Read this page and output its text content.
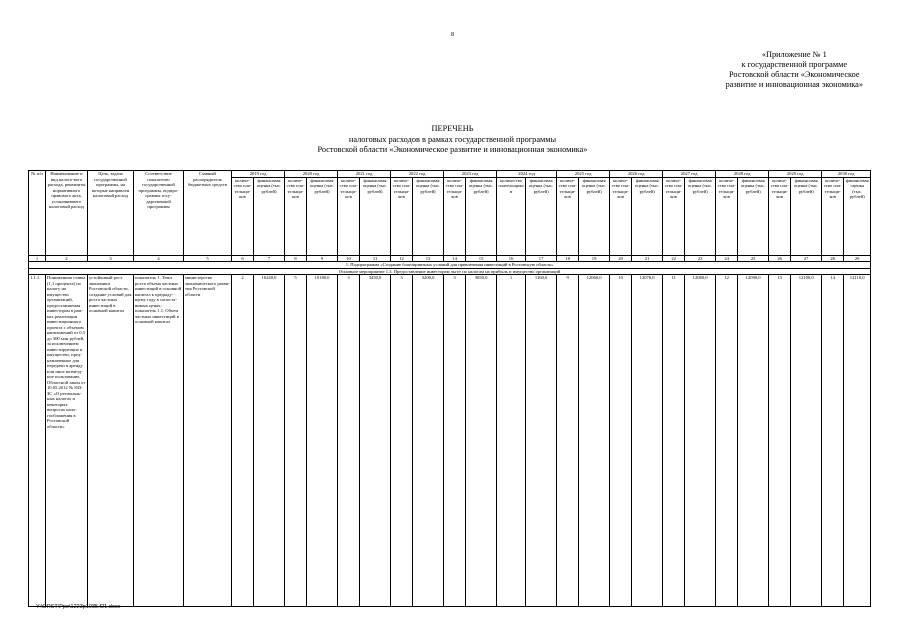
8
«Приложение № 1
к государственной программе
Ростовской области «Экономическое
развитие и инновационная экономика»
ПЕРЕЧЕНЬ
налоговых расходов в рамках государственной программы
Ростовской области «Экономическое развитие и инновационная экономика»
№ п/п	Наименование и вид налого-вого расхода, реквизиты нормативного правового акта, установившего налоговый расход	Цель, задача государственной программы, на которые направлен налоговый расход	Соответствие показателю государственной программы, подпрограммы государственной программы	Главный распорядитель бюджетных средств	2019 год		2020 год		2021 год		2022 год		2023 год		2024 год		2025 год		2026 год		2027 год		2028 год		2029 год		2030 год	
					количество плательщиков	финансовая оценка (тыс. рублей)	количество плательщиков	финансовая оценка (тыс. рублей)	количество плательщиков	финансовая оценка (тыс. рублей)	количество плательщиков	финансовая оценка (тыс. рублей)	количество плательщиков	финансовая оценка (тыс. рублей)	количество плательщиков	финансовая оценка (тыс. рублей)	количество плательщиков	финансовая оценка (тыс. рублей)	количество плательщиков	финансовая оценка (тыс. рублей)	количество плательщиков	финансовая оценка (тыс. рублей)	количество плательщиков	финансовая оценка (тыс. рублей)	количество плательщиков	финансовая оценка (тыс. рублей)	количество плательщиков	финансовая оценка (тыс. рублей)
1	2	3	4	5	6	7	8	9	10	11	12	13	14	15	16	17	18	19	20	21	22	23	24	25	26	27	28	29
1. Подпрограмма «Создание благоприятных условий для привлечения инвестиций в Ростовскую область»																												
Основное мероприятие 1.3. Предоставление инвесторам льгот по налогам на прибыль и имущество организаций																												
1.1.1.	Пониженная ставка (1,1 процента) по налогу на имущество организаций, предоставляемая инвесторам в рамках реализации инвестиционного проекта с объемом капвложений от 0,5 до 300 млн рублей, за исключением инвестирующих в имущество, предназначенное для передачи в аренду или иное возмездное пользование, Областной закон от 10.05.2012 № 843-ЗС «О региональных налогах и некоторых вопросах налогообложения в Ростовской области»	устойчивый рост экономики Ростовской области, создание условий для роста частных инвестиций в основной капитал	показатель 1. Темп роста объема частных инвестиций в основной капитал к предыдущему году в сопоставимых ценах; показатель 1.1. Объем частных инвестиций в основной капитал	министерство экономического развития Ростовской области	2	16240,0	5	10180,0	3	3450,0	3	3200,0	3	3050,0	1	1160,0	9	12060,0	10	12070,0	11	12080,0	12	12090,0	13	12100,0	14	12110,0
Y:\ORST\Ppo\1223p1085.f21.docx
